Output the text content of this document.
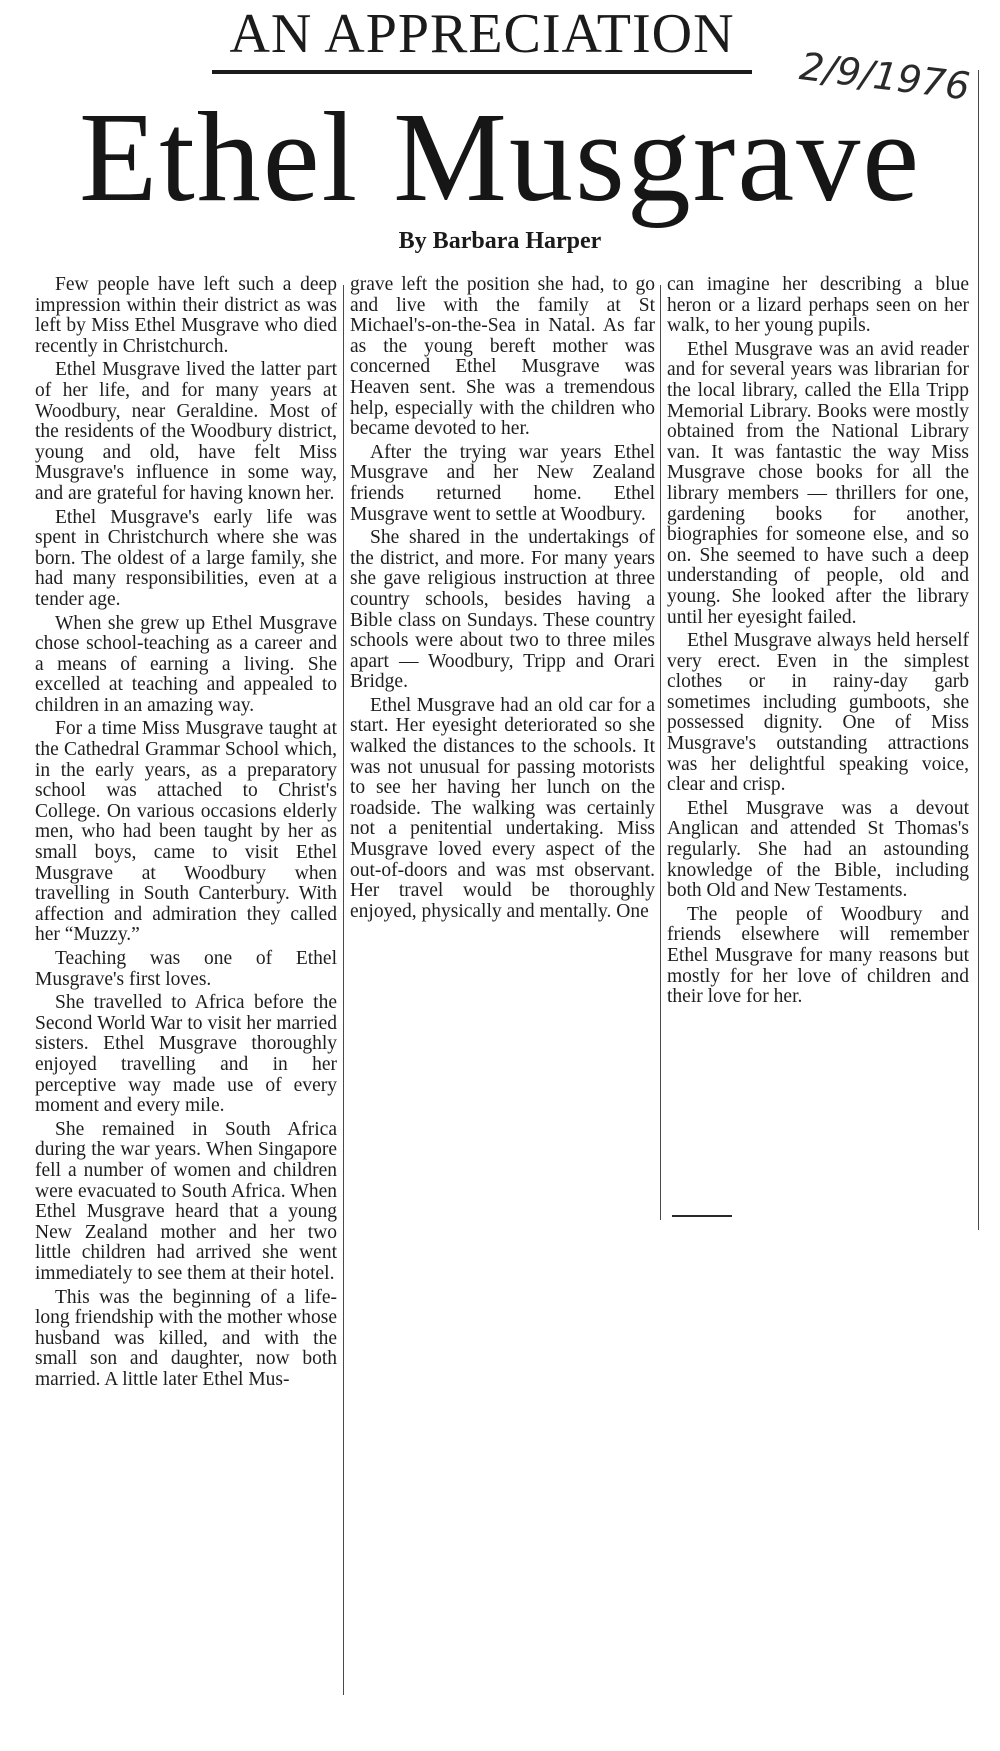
AN APPRECIATION
2/9/1976
Ethel Musgrave
By Barbara Harper

Few people have left such a deep impression within their district as was left by Miss Ethel Musgrave who died recently in Christchurch.

Ethel Musgrave lived the latter part of her life, and for many years at Woodbury, near Geraldine. Most of the residents of the Woodbury district, young and old, have felt Miss Musgrave's influence in some way, and are grateful for having known her.

Ethel Musgrave's early life was spent in Christchurch where she was born. The oldest of a large family, she had many responsibilities, even at a tender age.

When she grew up Ethel Musgrave chose school-teaching as a career and a means of earning a living. She excelled at teaching and appealed to children in an amazing way.

For a time Miss Musgrave taught at the Cathedral Grammar School which, in the early years, as a preparatory school was attached to Christ's College. On various occasions elderly men, who had been taught by her as small boys, came to visit Ethel Musgrave at Woodbury when travelling in South Canterbury. With affection and admiration they called her “Muzzy.”

Teaching was one of Ethel Musgrave's first loves.

She travelled to Africa before the Second World War to visit her married sisters. Ethel Musgrave thoroughly enjoyed travelling and in her perceptive way made use of every moment and every mile.

She remained in South Africa during the war years. When Singapore fell a number of women and children were evacuated to South Africa. When Ethel Musgrave heard that a young New Zealand mother and her two little children had arrived she went immediately to see them at their hotel.

This was the beginning of a life-long friendship with the mother whose husband was killed, and with the small son and daughter, now both married. A little later Ethel Mus-

grave left the position she had, to go and live with the family at St Michael's-on-the-Sea in Natal. As far as the young bereft mother was concerned Ethel Musgrave was Heaven sent. She was a tremendous help, especially with the children who became devoted to her.

After the trying war years Ethel Musgrave and her New Zealand friends returned home. Ethel Musgrave went to settle at Woodbury.

She shared in the undertakings of the district, and more. For many years she gave religious instruction at three country schools, besides having a Bible class on Sundays. These country schools were about two to three miles apart — Woodbury, Tripp and Orari Bridge.

Ethel Musgrave had an old car for a start. Her eyesight deteriorated so she walked the distances to the schools. It was not unusual for passing motorists to see her having her lunch on the roadside. The walking was certainly not a penitential undertaking. Miss Musgrave loved every aspect of the out-of-doors and was mst observant. Her travel would be thoroughly enjoyed, physically and mentally. One

can imagine her describing a blue heron or a lizard perhaps seen on her walk, to her young pupils.

Ethel Musgrave was an avid reader and for several years was librarian for the local library, called the Ella Tripp Memorial Library. Books were mostly obtained from the National Library van. It was fantastic the way Miss Musgrave chose books for all the library members — thrillers for one, gardening books for another, biographies for someone else, and so on. She seemed to have such a deep understanding of people, old and young. She looked after the library until her eyesight failed.

Ethel Musgrave always held herself very erect. Even in the simplest clothes or in rainy-day garb sometimes including gumboots, she possessed dignity. One of Miss Musgrave's outstanding attractions was her delightful speaking voice, clear and crisp.

Ethel Musgrave was a devout Anglican and attended St Thomas's regularly. She had an astounding knowledge of the Bible, including both Old and New Testaments.

The people of Woodbury and friends elsewhere will remember Ethel Musgrave for many reasons but mostly for her love of children and their love for her.
